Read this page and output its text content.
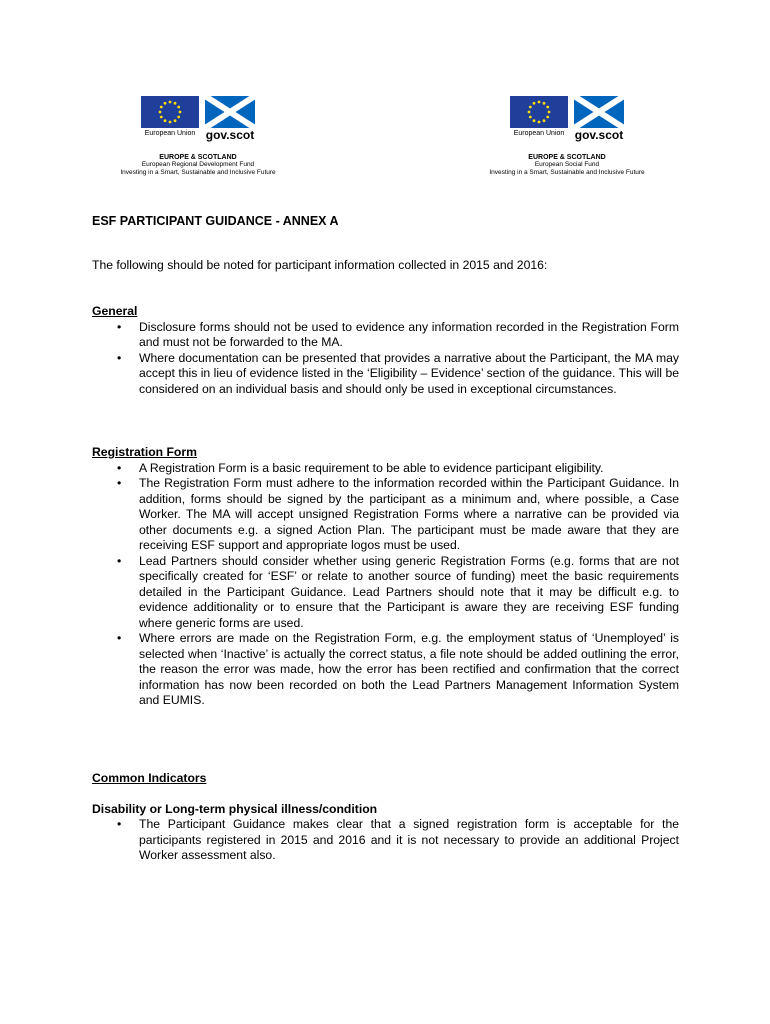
European Union gov.scot
EUROPE & SCOTLAND
European Regional Development Fund
Investing in a Smart, Sustainable and Inclusive Future
European Union gov.scot
EUROPE & SCOTLAND
European Social Fund
Investing in a Smart, Sustainable and Inclusive Future
ESF PARTICIPANT GUIDANCE - ANNEX A
The following should be noted for participant information collected in 2015 and 2016:
General
• Disclosure forms should not be used to evidence any information recorded in the Registration Form and must not be forwarded to the MA.
• Where documentation can be presented that provides a narrative about the Participant, the MA may accept this in lieu of evidence listed in the ‘Eligibility – Evidence’ section of the guidance. This will be considered on an individual basis and should only be used in exceptional circumstances.
Registration Form
• A Registration Form is a basic requirement to be able to evidence participant eligibility.
• The Registration Form must adhere to the information recorded within the Participant Guidance. In addition, forms should be signed by the participant as a minimum and, where possible, a Case Worker. The MA will accept unsigned Registration Forms where a narrative can be provided via other documents e.g. a signed Action Plan. The participant must be made aware that they are receiving ESF support and appropriate logos must be used.
• Lead Partners should consider whether using generic Registration Forms (e.g. forms that are not specifically created for ‘ESF’ or relate to another source of funding) meet the basic requirements detailed in the Participant Guidance. Lead Partners should note that it may be difficult e.g. to evidence additionality or to ensure that the Participant is aware they are receiving ESF funding where generic forms are used.
• Where errors are made on the Registration Form, e.g. the employment status of ‘Unemployed’ is selected when ‘Inactive’ is actually the correct status, a file note should be added outlining the error, the reason the error was made, how the error has been rectified and confirmation that the correct information has now been recorded on both the Lead Partners Management Information System and EUMIS.
Common Indicators
Disability or Long-term physical illness/condition
• The Participant Guidance makes clear that a signed registration form is acceptable for the participants registered in 2015 and 2016 and it is not necessary to provide an additional Project Worker assessment also.
